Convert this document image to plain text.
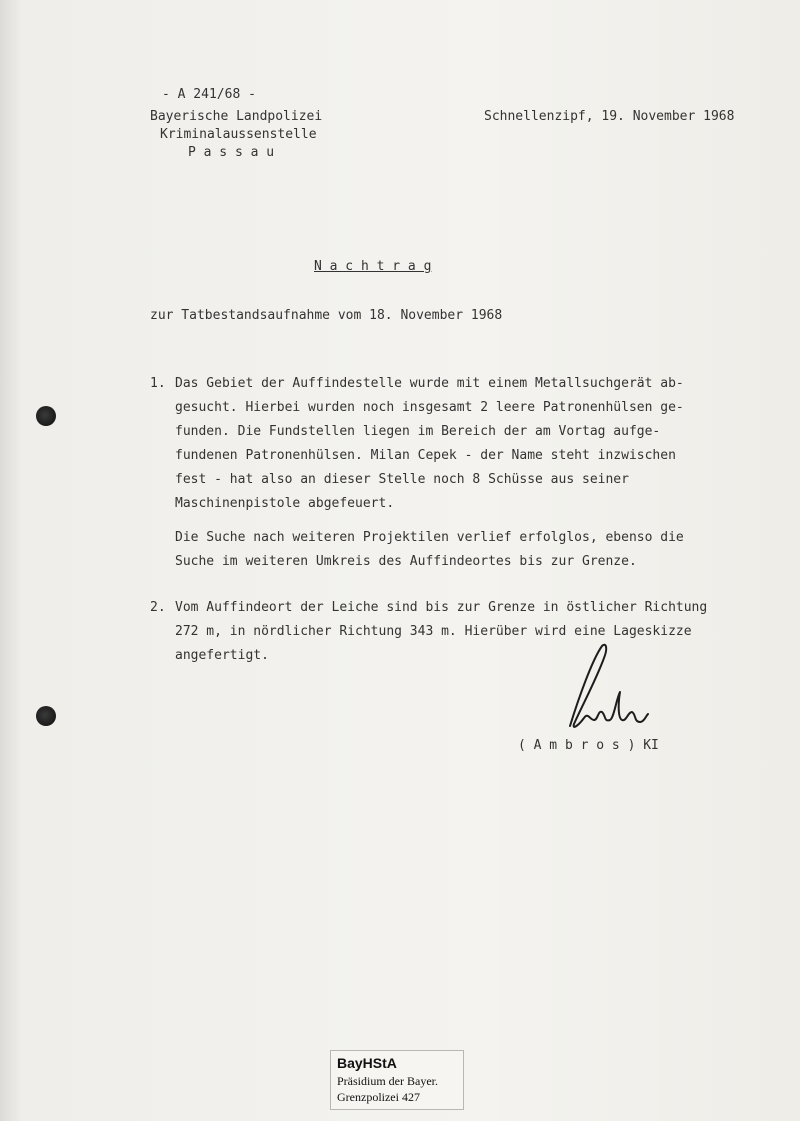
- A 241/68 -
Bayerische Landpolizei
Kriminalaussenstelle
P a s s a u
Schnellenzipf, 19. November 1968
N a c h t r a g
zur Tatbestandsaufnahme vom 18. November 1968
1. Das Gebiet der Auffindestelle wurde mit einem Metallsuchgerät ab-
gesucht. Hierbei wurden noch insgesamt 2 leere Patronenhülsen ge-
funden. Die Fundstellen liegen im Bereich der am Vortag aufge-
fundenen Patronenhülsen. Milan Cepek - der Name steht inzwischen
fest - hat also an dieser Stelle noch 8 Schüsse aus seiner
Maschinenpistole abgefeuert.
Die Suche nach weiteren Projektilen verlief erfolglos, ebenso die
Suche im weiteren Umkreis des Auffindeortes bis zur Grenze.
2. Vom Auffindeort der Leiche sind bis zur Grenze in östlicher Richtung
272 m, in nördlicher Richtung 343 m. Hierüber wird eine Lageskizze
angefertigt.
( A m b r o s ) KI
BayHStA
Präsidium der Bayer.
Grenzpolizei 427
